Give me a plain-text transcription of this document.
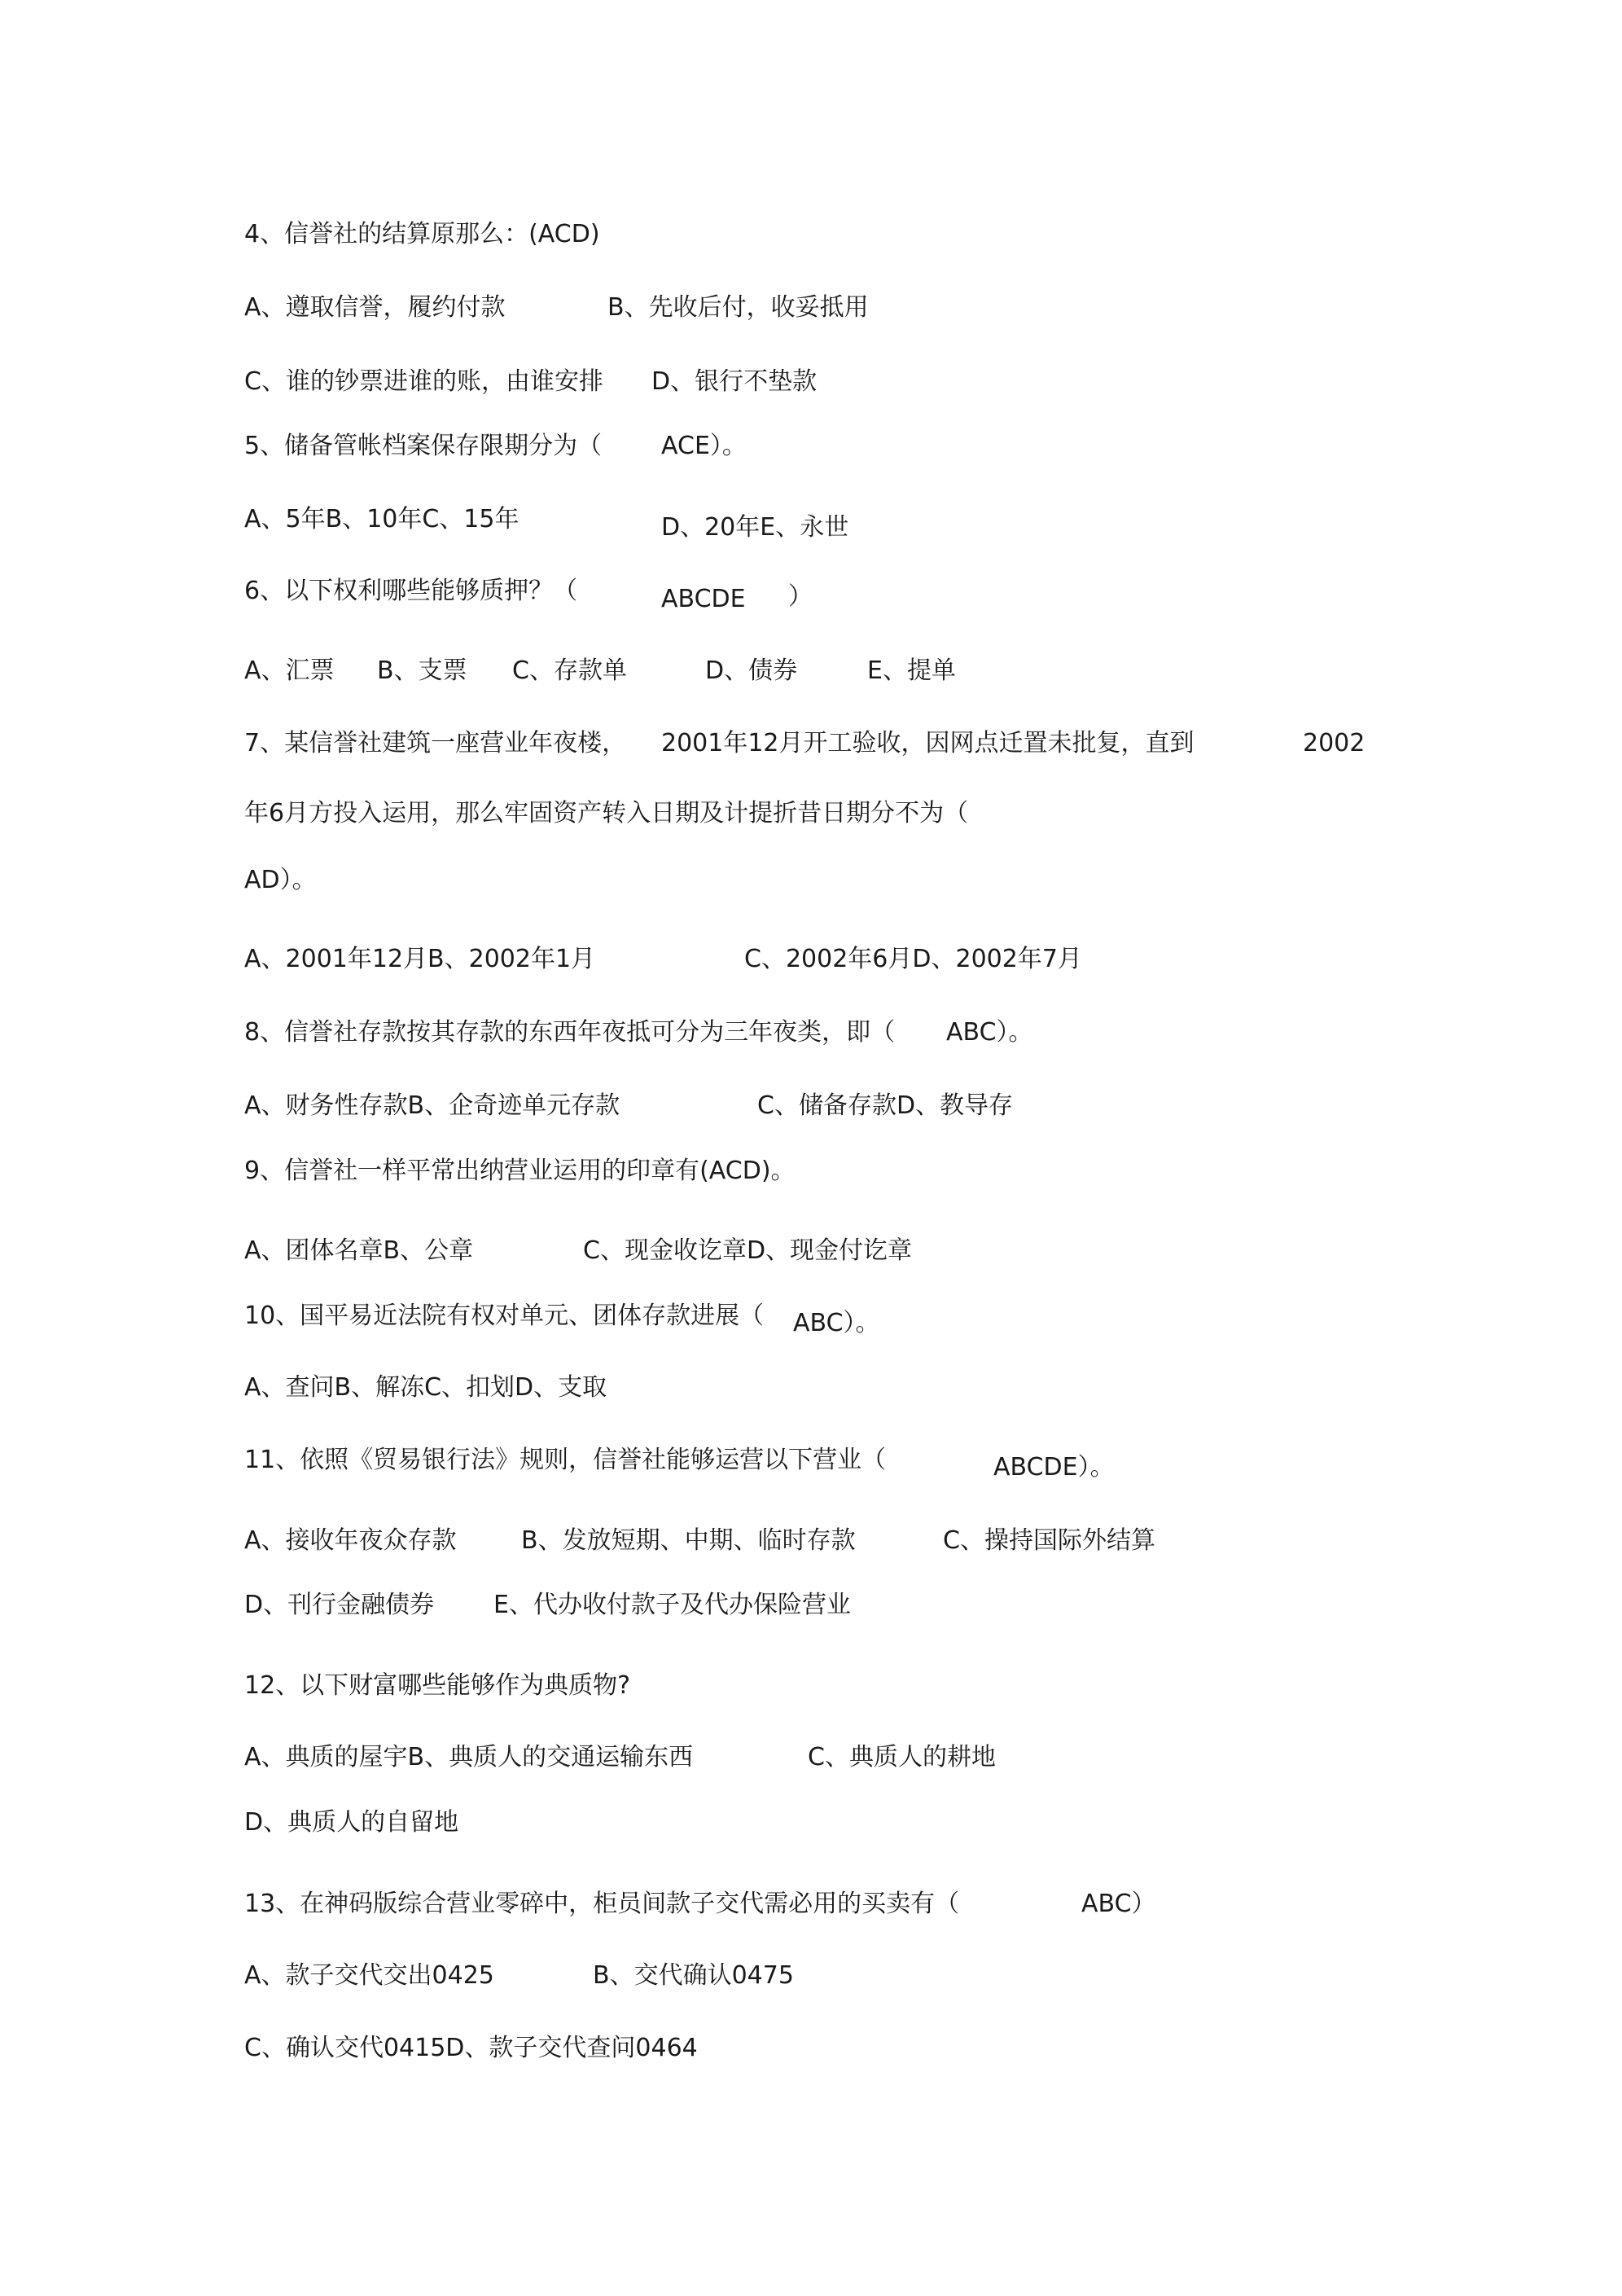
4、信誉社的结算原那么：(ACD)
A、遵取信誉，履约付款	B、先收后付，收妥抵用
C、谁的钞票进谁的账，由谁安排 D、银行不垫款
5、储备管帐档案保存限期分为（ ACE）。
A、5年B、10年C、15年	D、20年E、永世
6、以下权利哪些能够质押？（	ABCDE ）
A、汇票 B、支票 C、存款单	D、债券	E、提单
7、某信誉社建筑一座营业年夜楼， 2001年12月开工验收，因网点迁置未批复，直到	2002
年6月方投入运用，那么牢固资产转入日期及计提折昔日期分不为（
AD）。
A、2001年12月B、2002年1月	C、2002年6月D、2002年7月
8、信誉社存款按其存款的东西年夜抵可分为三年夜类，即（ ABC）。
A、财务性存款B、企奇迹单元存款	C、储备存款D、教导存
9、信誉社一样平常出纳营业运用的印章有(ACD)。
A、团体名章B、公章	C、现金收讫章D、现金付讫章
10、国平易近法院有权对单元、团体存款进展（ ABC）。
A、查问B、解冻C、扣划D、支取
11、依照《贸易银行法》规则，信誉社能够运营以下营业（	ABCDE）。
A、接收年夜众存款	B、发放短期、中期、临时存款	C、操持国际外结算
D、刊行金融债券 E、代办收付款子及代办保险营业
12、以下财富哪些能够作为典质物?
A、典质的屋宇B、典质人的交通运输东西	C、典质人的耕地
D、典质人的自留地
13、在神码版综合营业零碎中，柜员间款子交代需必用的买卖有（	ABC）
A、款子交代交出0425	B、交代确认0475
C、确认交代0415D、款子交代查问0464
